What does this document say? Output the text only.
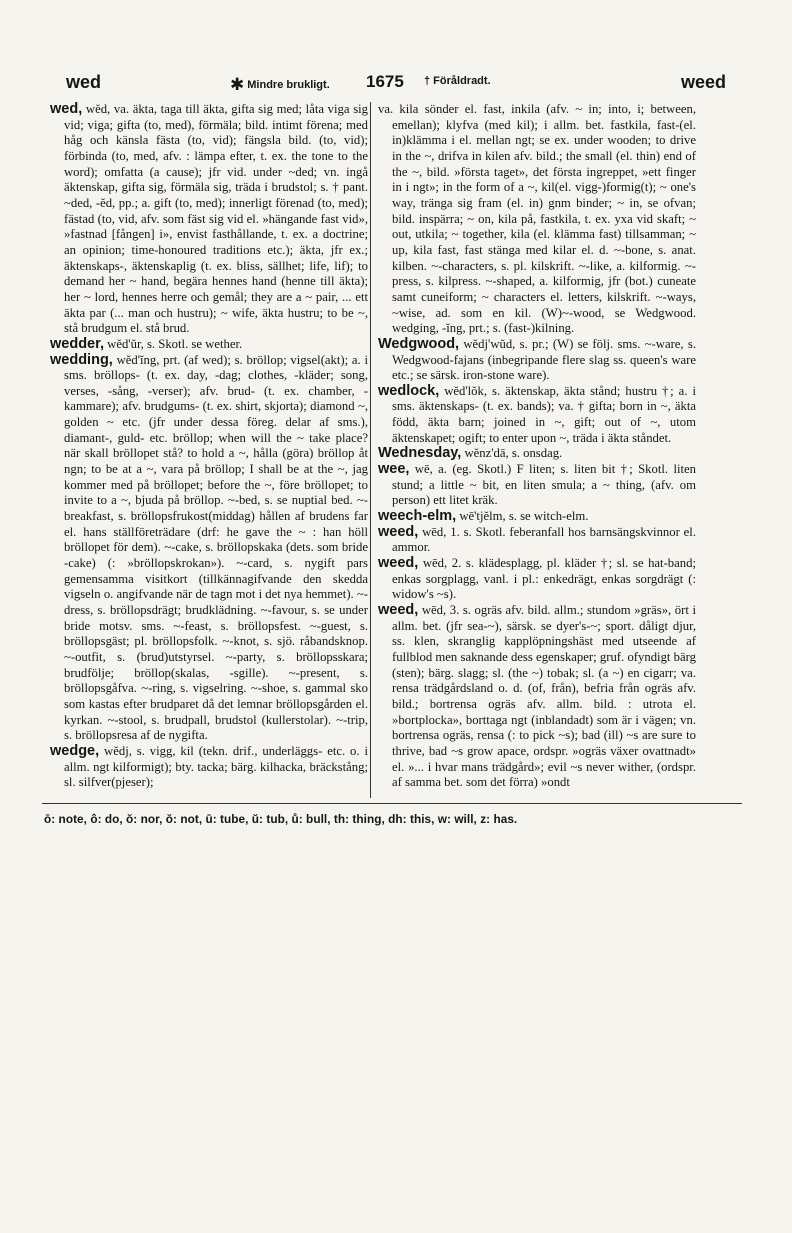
wed	✱ Mindre brukligt. 1675 † Föråldradt.	weed

wed, wĕd, va. äkta, taga till äkta, gifta sig med; låta viga sig vid; viga; gifta (to, med), förmäla; bild. intimt förena; med håg och känsla fästa (to, vid); fängsla bild. (to, vid); förbinda (to, med, afv. : lämpa efter, t. ex. the tone to the word); omfatta (a cause); jfr vid. under ~ded; vn. ingå äktenskap, gifta sig, förmäla sig, träda i brudstol; s. † pant. ~ded, -ĕd, pp.; a. gift (to, med); innerligt förenad (to, med); fästad (to, vid, afv. som fäst sig vid el. »hängande fast vid», »fastnad [fången] i», envist fasthållande, t. ex. a doctrine; an opinion; time-honoured traditions etc.); äkta, jfr ex.; äktenskaps-, äktenskaplig (t. ex. bliss, sällhet; life, lif); to demand her ~ hand, begära hennes hand (henne till äkta); her ~ lord, hennes herre och gemål; they are a ~ pair, ... ett äkta par (... man och hustru); ~ wife, äkta hustru; to be ~, stå brudgum el. stå brud.

wedder, wĕd'ŭr, s. Skotl. se wether.

wedding, wĕd'ĭng, prt. (af wed); s. bröllop; vigsel(akt); a. i sms. bröllops- (t. ex. day, -dag; clothes, -kläder; song, verses, -sång, -verser); afv. brud- (t. ex. chamber, -kammare); afv. brudgums- (t. ex. shirt, skjorta); diamond ~, golden ~ etc. (jfr under dessa föreg. delar af sms.), diamant-, guld- etc. bröllop; when will the ~ take place? när skall bröllopet stå? to hold a ~, hålla (göra) bröllop åt ngn; to be at a ~, vara på bröllop; I shall be at the ~, jag kommer med på bröllopet; before the ~, före bröllopet; to invite to a ~, bjuda på bröllop. ~-bed, s. se nuptial bed. ~-breakfast, s. bröllopsfrukost(middag) hållen af brudens far el. hans ställföreträdare (drf: he gave the ~ : han höll bröllopet för dem). ~-cake, s. bröllopskaka (dets. som bride -cake) (: »bröllopskrokan»). ~-card, s. nygift pars gemensamma visitkort (tillkännagifvande den skedda vigseln o. angifvande när de tagn mot i det nya hemmet). ~-dress, s. bröllopsdrägt; brudklädning. ~-favour, s. se under bride motsv. sms. ~-feast, s. bröllopsfest. ~-guest, s. bröllopsgäst; pl. bröllopsfolk. ~-knot, s. sjö. råbandsknop. ~-outfit, s. (brud)utstyrsel. ~-party, s. bröllopsskara; brudfölje; bröllop(skalas, -sgille). ~-present, s. bröllopsgåfva. ~-ring, s. vigselring. ~-shoe, s. gammal sko som kastas efter brudparet då det lemnar bröllopsgården el. kyrkan. ~-stool, s. brudpall, brudstol (kullerstolar). ~-trip, s. bröllopsresa af de nygifta.

wedge, wĕdj, s. vigg, kil (tekn. drif., underläggs- etc. o. i allm. ngt kilformigt); bty. tacka; bärg. kilhacka, bräckstång; sl. silfver(pjeser);

va. kila sönder el. fast, inkila (afv. ~ in; into, i; between, emellan); klyfva (med kil); i allm. bet. fastkila, fast-(el. in)klämma i el. mellan ngt; se ex. under wooden; to drive in the ~, drifva in kilen afv. bild.; the small (el. thin) end of the ~, bild. »första taget», det första ingreppet, »ett finger in i ngt»; in the form of a ~, kil(el. vigg-)formig(t); ~ one's way, tränga sig fram (el. in) gnm binder; ~ in, se ofvan; bild. inspärra; ~ on, kila på, fastkila, t. ex. yxa vid skaft; ~ out, utkila; ~ together, kila (el. klämma fast) tillsamman; ~ up, kila fast, fast stänga med kilar el. d. ~-bone, s. anat. kilben. ~-characters, s. pl. kilskrift. ~-like, a. kilformig. ~-press, s. kilpress. ~-shaped, a. kilformig, jfr (bot.) cuneate samt cuneiform; ~ characters el. letters, kilskrift. ~-ways, ~wise, ad. som en kil. (W)~-wood, se Wedgwood. wedging, -ĭng, prt.; s. (fast-)kilning.

Wedgwood, wĕdj'wŭd, s. pr.; (W) se följ. sms. ~-ware, s. Wedgwood-fajans (inbegripande flere slag ss. queen's ware etc.; se särsk. iron-stone ware).

wedlock, wĕd'lŏk, s. äktenskap, äkta stånd; hustru †; a. i sms. äktenskaps- (t. ex. bands); va. † gifta; born in ~, äkta född, äkta barn; joined in ~, gift; out of ~, utom äktenskapet; ogift; to enter upon ~, träda i äkta ståndet.

Wednesday, wĕnz'dā, s. onsdag.

wee, wē, a. (eg. Skotl.) F liten; s. liten bit †; Skotl. liten stund; a little ~ bit, en liten smula; a ~ thing, (afv. om person) ett litet kräk.

weech-elm, wē'tjĕlm, s. se witch-elm.

weed, wēd, 1. s. Skotl. feberanfall hos barnsängskvinnor el. ammor.

weed, wēd, 2. s. klädesplagg, pl. kläder †; sl. se hat-band; enkas sorgplagg, vanl. i pl.: enkedrägt, enkas sorgdrägt (: widow's ~s).

weed, wēd, 3. s. ogräs afv. bild. allm.; stundom »gräs», ört i allm. bet. (jfr sea-~), särsk. se dyer's-~; sport. dåligt djur, ss. klen, skranglig kapplöpningshäst med utseende af fullblod men saknande dess egenskaper; gruf. ofyndigt bärg (sten); bärg. slagg; sl. (the ~) tobak; sl. (a ~) en cigarr; va. rensa trädgårdsland o. d. (of, från), befria från ogräs afv. bild.; bortrensa ogräs afv. allm. bild. : utrota el. »bortplocka», borttaga ngt (inblandadt) som är i vägen; vn. bortrensa ogräs, rensa (: to pick ~s); bad (ill) ~s are sure to thrive, bad ~s grow apace, ordspr. »ogräs växer ovattnadt» el. »... i hvar mans trädgård»; evil ~s never wither, (ordspr. af samma bet. som det förra) »ondt

ō: note, ô: do, ŏ: nor, ŏ: not, ū: tube, ŭ: tub, ů: bull, th: thing, dh: this, w: will, z: has.
